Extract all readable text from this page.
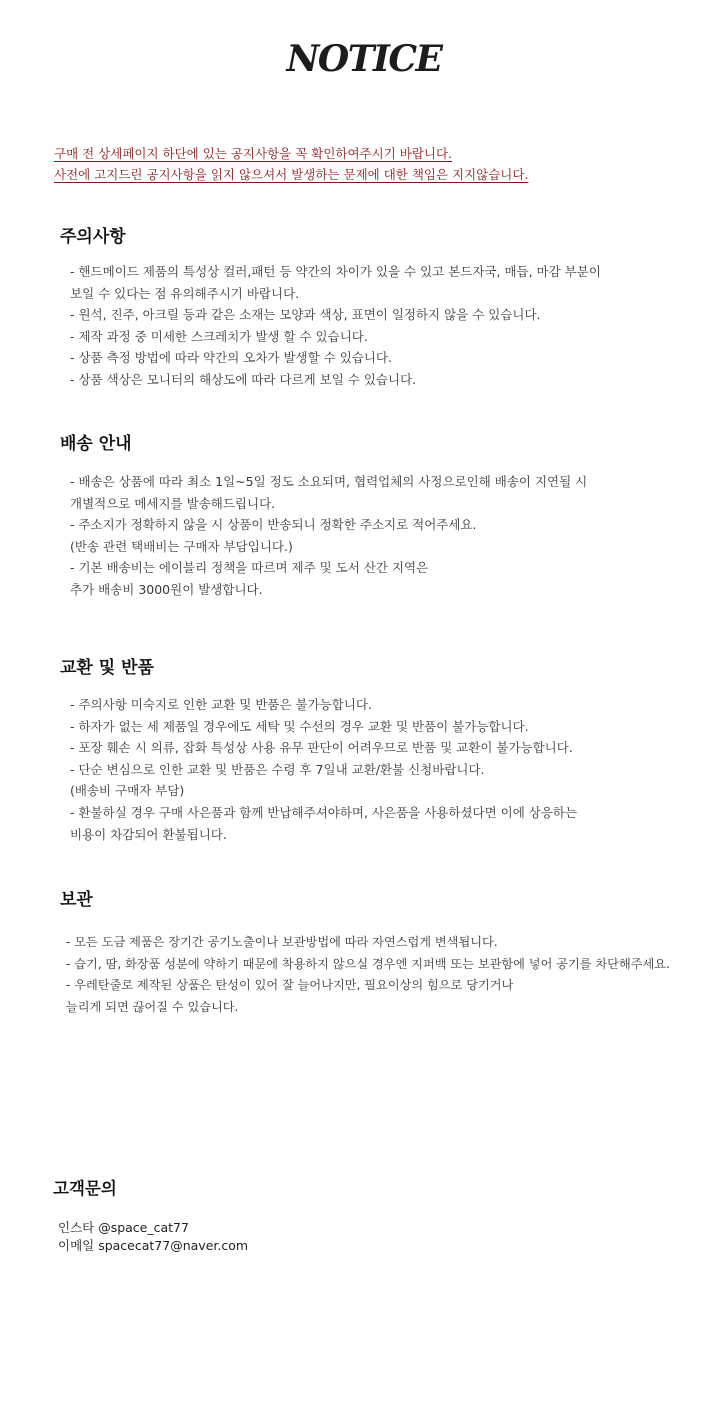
NOTICE
구매 전 상세페이지 하단에 있는 공지사항을 꼭 확인하여주시기 바랍니다.
사전에 고지드린 공지사항을 읽지 않으셔서 발생하는 문제에 대한 책임은 지지않습니다.
주의사항
- 핸드메이드 제품의 특성상 컬러,패턴 등 약간의 차이가 있을 수 있고 본드자국, 매듭, 마감 부분이
보일 수 있다는 점 유의해주시기 바랍니다.
- 원석, 진주, 아크릴 등과 같은 소재는 모양과 색상, 표면이 일정하지 않을 수 있습니다.
- 제작 과정 중 미세한 스크레치가 발생 할 수 있습니다.
- 상품 측정 방법에 따라 약간의 오차가 발생할 수 있습니다.
- 상품 색상은 모니터의 해상도에 따라 다르게 보일 수 있습니다.
배송 안내
- 배송은 상품에 따라 최소 1일~5일 정도 소요되며, 협력업체의 사정으로인해 배송이 지연될 시
개별적으로 메세지를 발송해드립니다.
- 주소지가 정확하지 않을 시 상품이 반송되니 정확한 주소지로 적어주세요.
(반송 관련 택배비는 구매자 부담입니다.)
- 기본 배송비는 에이블리 정책을 따르며 제주 및 도서 산간 지역은
추가 배송비 3000원이 발생합니다.
교환 및 반품
- 주의사항 미숙지로 인한 교환 및 반품은 불가능합니다.
- 하자가 없는 세 제품일 경우에도 세탁 및 수선의 경우 교환 및 반품이 불가능합니다.
- 포장 훼손 시 의류, 잡화 특성상 사용 유무 판단이 어려우므로 반품 및 교환이 불가능합니다.
- 단순 변심으로 인한 교환 및 반품은 수령 후 7일내 교환/환불 신청바랍니다.
(배송비 구매자 부담)
- 환불하실 경우 구매 사은품과 함께 반납해주셔야하며, 사은품을 사용하셨다면 이에 상응하는
비용이 차감되어 환불됩니다.
보관
- 모든 도금 제품은 장기간 공기노출이나 보관방법에 따라 자연스럽게 변색됩니다.
- 습기, 땀, 화장품 성분에 약하기 때문에 착용하지 않으실 경우엔 지퍼백 또는 보관함에 넣어 공기를 차단해주세요.
- 우레탄줄로 제작된 상품은 탄성이 있어 잘 늘어나지만, 필요이상의 힘으로 당기거나
늘리게 되면 끊어질 수 있습니다.
고객문의
인스타 @space_cat77
이메일 spacecat77@naver.com
